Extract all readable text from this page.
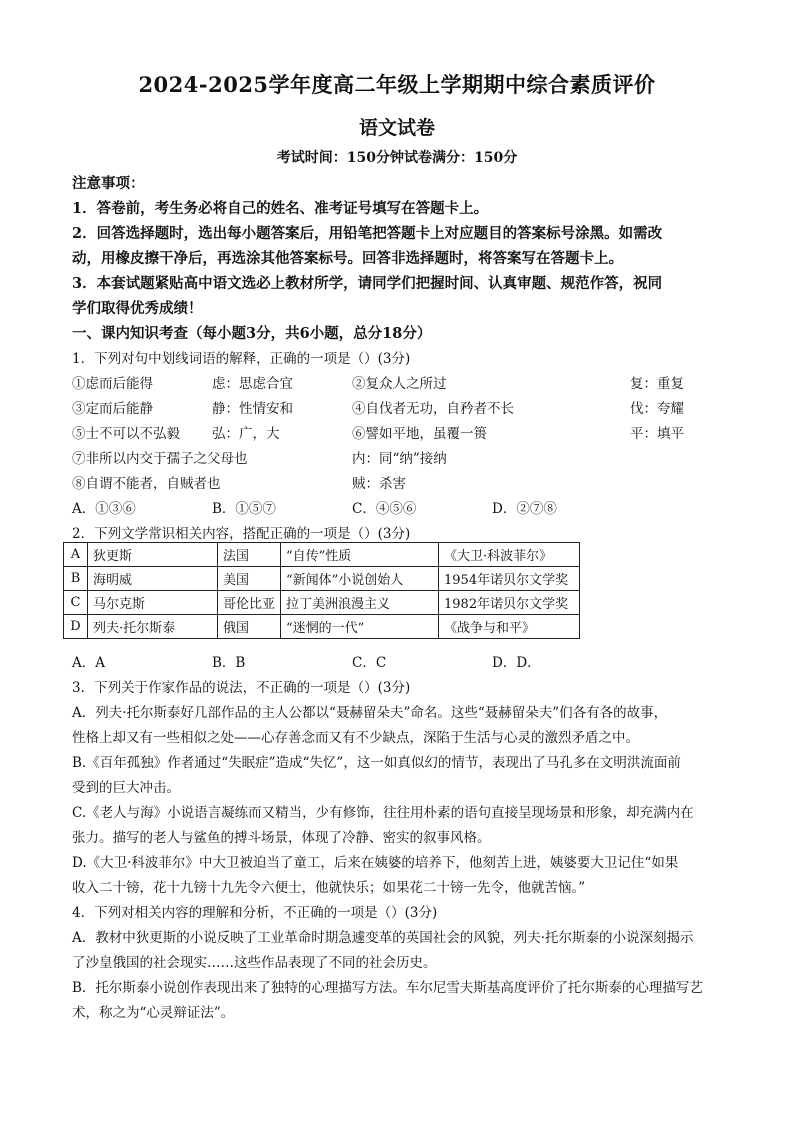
2024-2025学年度高二年级上学期期中综合素质评价
语文试卷
考试时间：150分钟试卷满分：150分
注意事项：
1．答卷前，考生务必将自己的姓名、准考证号填写在答题卡上。
2．回答选择题时，选出每小题答案后，用铅笔把答题卡上对应题目的答案标号涂黑。如需改
动，用橡皮擦干净后，再选涂其他答案标号。回答非选择题时，将答案写在答题卡上。
3．本套试题紧贴高中语文选必上教材所学，请同学们把握时间、认真审题、规范作答，祝同
学们取得优秀成绩！
一、课内知识考查（每小题3分，共6小题，总分18分）
1．下列对句中划线词语的解释，正确的一项是（）(3分)
①虑而后能得	虑：思虑合宜	②复众人之所过	复：重复
③定而后能静	静：性情安和	④自伐者无功，自矜者不长	伐：夸耀
⑤士不可以不弘毅 弘：广，大	⑥譬如平地，虽覆一篑	平：填平
⑦非所以内交于孺子之父母也	内：同“纳”接纳
⑧自谓不能者，自贼者也	贼：杀害
A．①③⑥	B．①⑤⑦	C．④⑤⑥	D．②⑦⑧
2．下列文学常识相关内容，搭配正确的一项是（）(3分)
A	狄更斯	法国	“自传”性质	《大卫·科波菲尔》
B	海明威	美国	“新闻体”小说创始人	1954年诺贝尔文学奖
C	马尔克斯	哥伦比亚	拉丁美洲浪漫主义	1982年诺贝尔文学奖
D	列夫·托尔斯泰	俄国	“迷惘的一代”	《战争与和平》
A．A	B．B	C．C	D．D．
3．下列关于作家作品的说法，不正确的一项是（）(3分)
A．列夫·托尔斯泰好几部作品的主人公都以“聂赫留朵夫”命名。这些“聂赫留朵夫”们各有各的故事，
性格上却又有一些相似之处——心存善念而又有不少缺点，深陷于生活与心灵的激烈矛盾之中。
B.《百年孤独》作者通过“失眠症”造成“失忆”，这一如真似幻的情节，表现出了马孔多在文明洪流面前
受到的巨大冲击。
C.《老人与海》小说语言凝练而又精当，少有修饰，往往用朴素的语句直接呈现场景和形象，却充满内在
张力。描写的老人与鲨鱼的搏斗场景，体现了冷静、密实的叙事风格。
D.《大卫·科波菲尔》中大卫被迫当了童工，后来在姨婆的培养下，他刻苦上进，姨婆要大卫记住“如果
收入二十镑，花十九镑十九先令六便士，他就快乐；如果花二十镑一先令，他就苦恼。”
4．下列对相关内容的理解和分析，不正确的一项是（）(3分)
A．教材中狄更斯的小说反映了工业革命时期急遽变革的英国社会的风貌，列夫·托尔斯泰的小说深刻揭示
了沙皇俄国的社会现实……这些作品表现了不同的社会历史。
B．托尔斯泰小说创作表现出来了独特的心理描写方法。车尔尼雪夫斯基高度评价了托尔斯泰的心理描写艺
术，称之为“心灵辩证法”。
